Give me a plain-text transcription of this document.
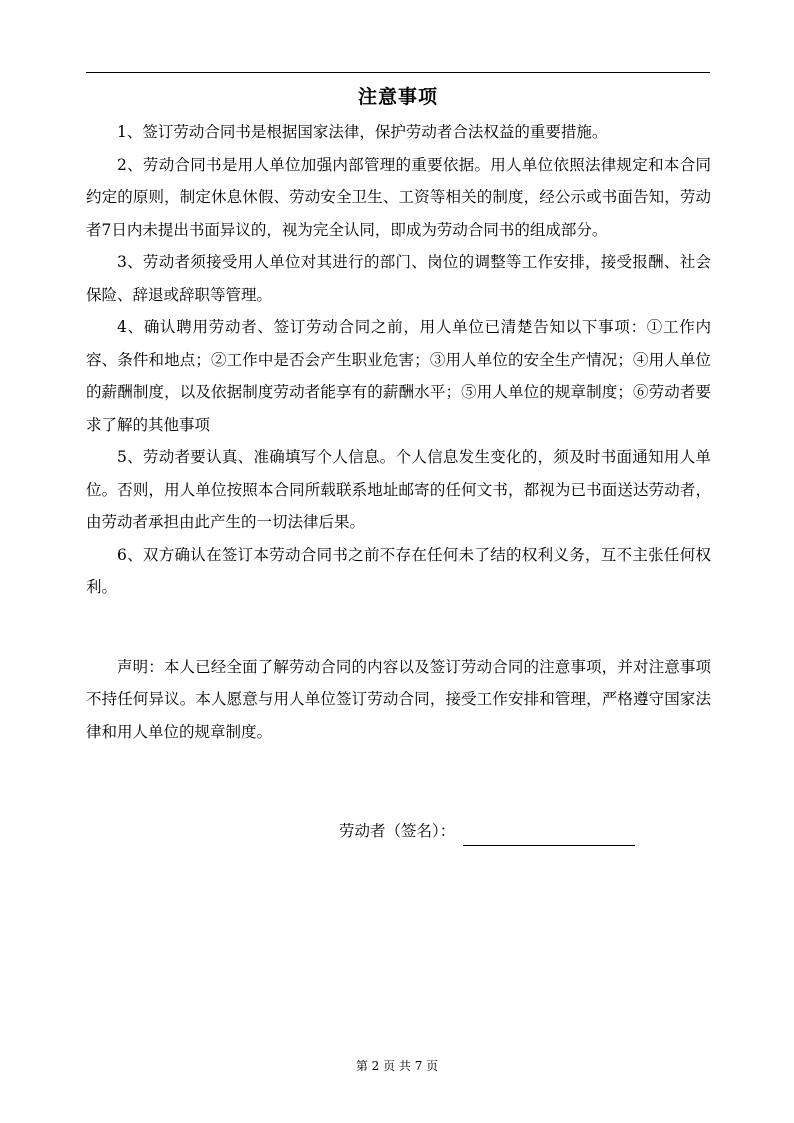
注意事项

1、签订劳动合同书是根据国家法律，保护劳动者合法权益的重要措施。

2、劳动合同书是用人单位加强内部管理的重要依据。用人单位依照法律规定和本合同约定的原则，制定休息休假、劳动安全卫生、工资等相关的制度，经公示或书面告知，劳动者7日内未提出书面异议的，视为完全认同，即成为劳动合同书的组成部分。

3、劳动者须接受用人单位对其进行的部门、岗位的调整等工作安排，接受报酬、社会保险、辞退或辞职等管理。

4、确认聘用劳动者、签订劳动合同之前，用人单位已清楚告知以下事项：①工作内容、条件和地点；②工作中是否会产生职业危害；③用人单位的安全生产情况；④用人单位的薪酬制度，以及依据制度劳动者能享有的薪酬水平；⑤用人单位的规章制度；⑥劳动者要求了解的其他事项

5、劳动者要认真、准确填写个人信息。个人信息发生变化的，须及时书面通知用人单位。否则，用人单位按照本合同所载联系地址邮寄的任何文书，都视为已书面送达劳动者，由劳动者承担由此产生的一切法律后果。

6、双方确认在签订本劳动合同书之前不存在任何未了结的权利义务，互不主张任何权利。

声明：本人已经全面了解劳动合同的内容以及签订劳动合同的注意事项，并对注意事项不持任何异议。本人愿意与用人单位签订劳动合同，接受工作安排和管理，严格遵守国家法律和用人单位的规章制度。

劳动者（签名）：
第 2 页 共 7 页
